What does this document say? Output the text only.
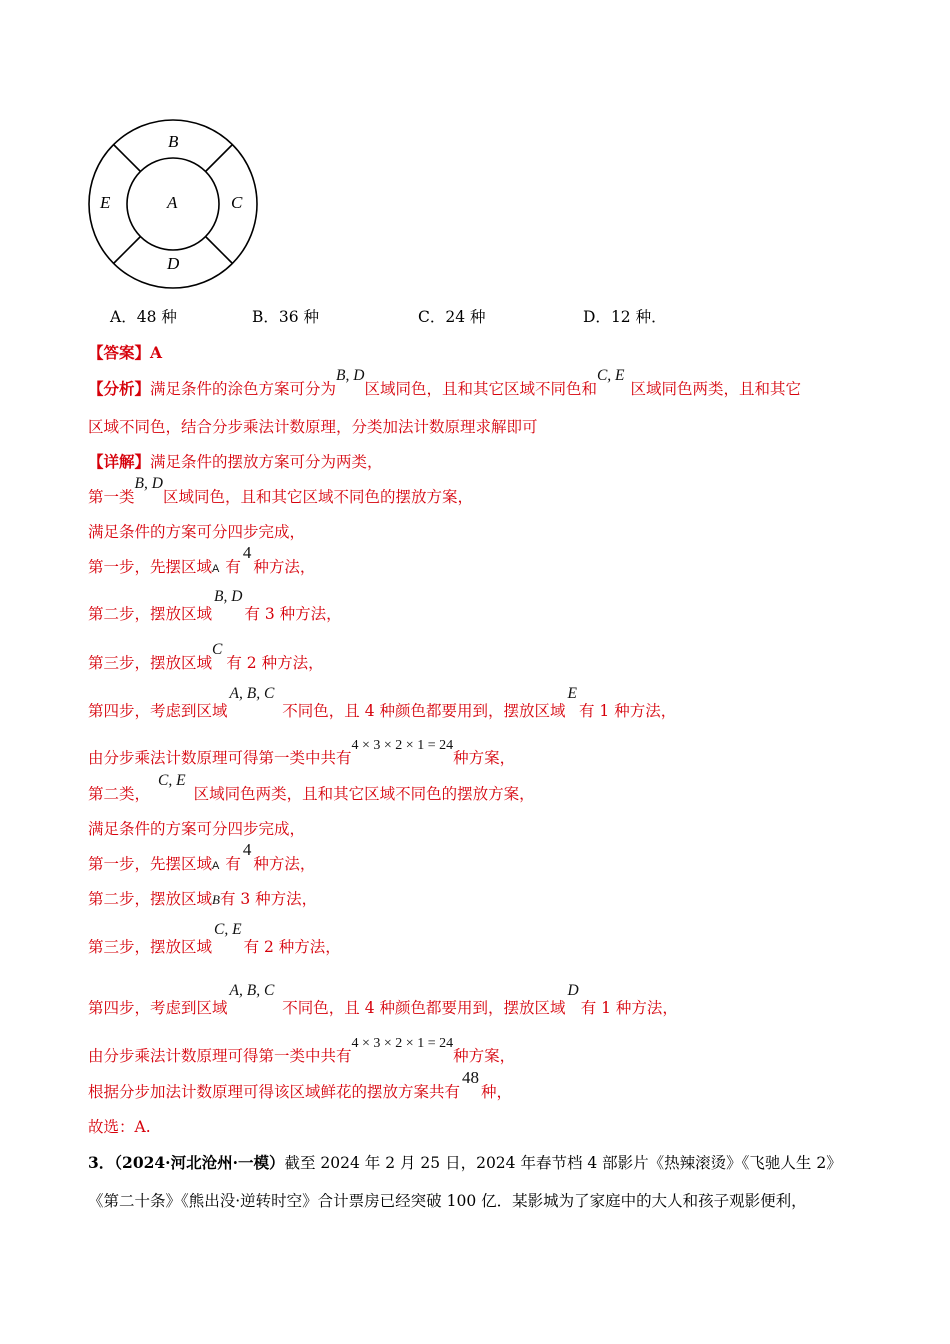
B
E	A	C
D
A．48 种	B．36 种	C．24 种	D．12 种．
【答案】A
【分析】满足条件的涂色方案可分为B, D区域同色，且和其它区域不同色和C, E区域同色两类，且和其它
区域不同色，结合分步乘法计数原理，分类加法计数原理求解即可
【详解】满足条件的摆放方案可分为两类，
第一类B, D区域同色，且和其它区域不同色的摆放方案，
满足条件的方案可分四步完成，
第一步，先摆区域A 有4种方法，
第二步，摆放区域B, D有 3 种方法，
第三步，摆放区域C有 2 种方法，
第四步，考虑到区域A, B, C不同色，且 4 种颜色都要用到，摆放区域E有 1 种方法，
由分步乘法计数原理可得第一类中共有4 × 3 × 2 × 1 = 24种方案，
第二类，C, E区域同色两类，且和其它区域不同色的摆放方案，
满足条件的方案可分四步完成，
第一步，先摆区域A 有4种方法，
第二步，摆放区域B有 3 种方法，
第三步，摆放区域C, E有 2 种方法，
第四步，考虑到区域A, B, C不同色，且 4 种颜色都要用到，摆放区域D有 1 种方法，
由分步乘法计数原理可得第一类中共有4 × 3 × 2 × 1 = 24种方案，
根据分步加法计数原理可得该区域鲜花的摆放方案共有48种，
故选：A.
3．（2024·河北沧州·一模）截至 2024 年 2 月 25 日，2024 年春节档 4 部影片《热辣滚烫》《飞驰人生 2》
《第二十条》《熊出没·逆转时空》合计票房已经突破 100 亿．某影城为了家庭中的大人和孩子观影便利，
